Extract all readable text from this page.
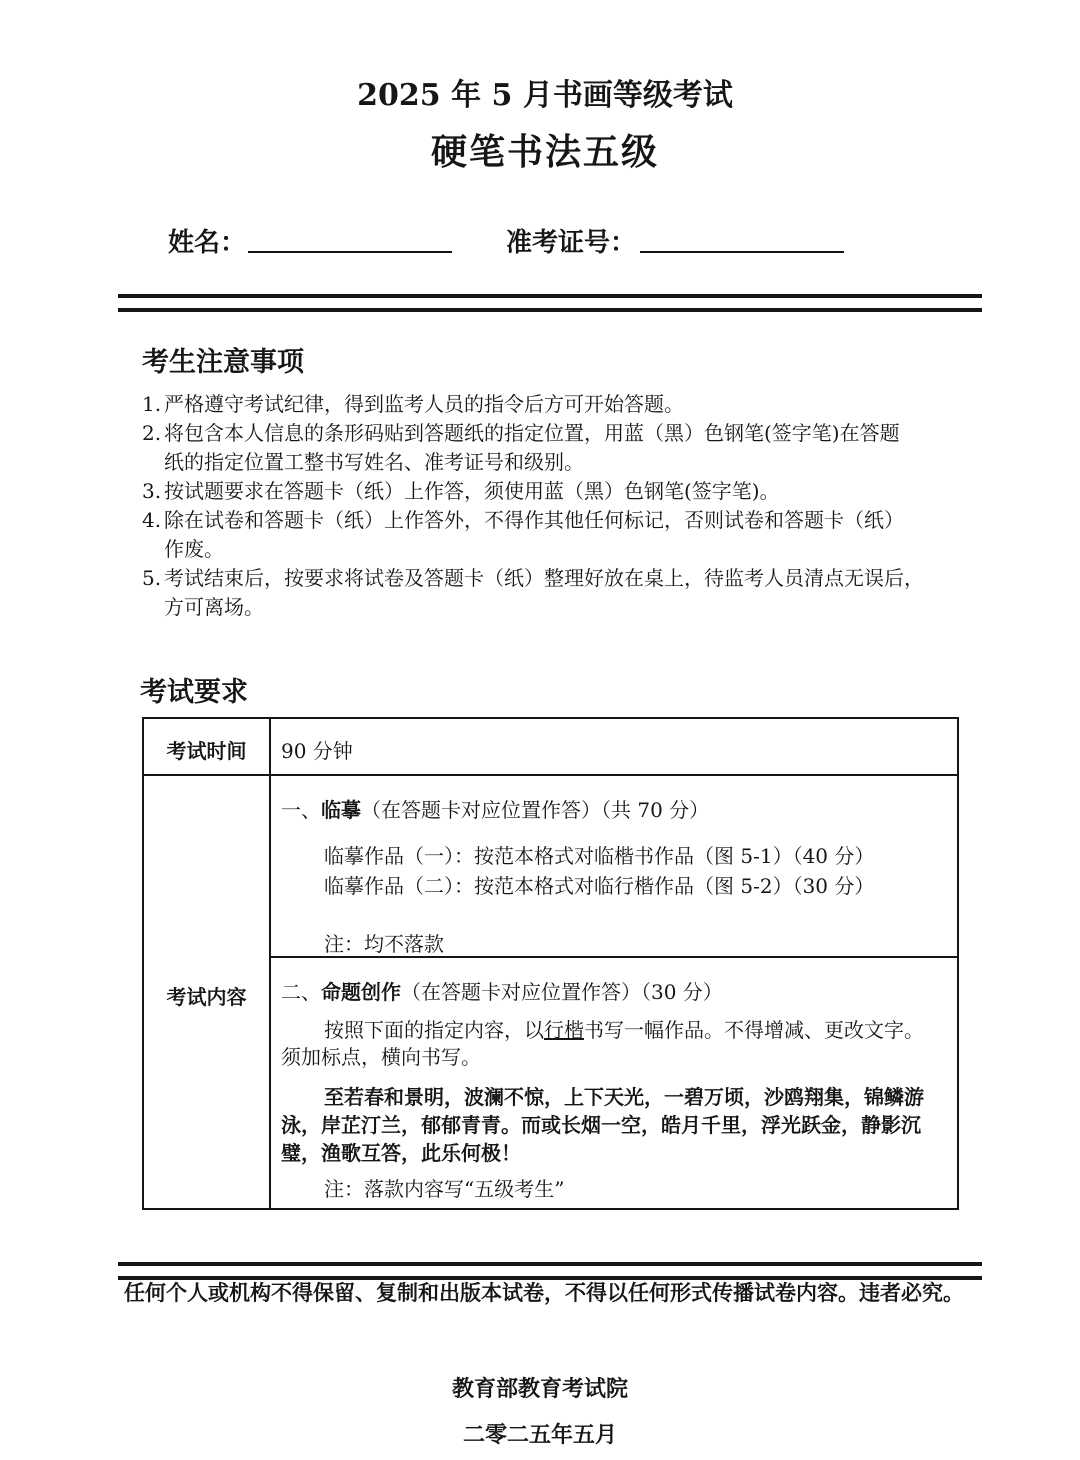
2025 年 5 月书画等级考试
硬笔书法五级
姓名：	准考证号：
考生注意事项
1. 严格遵守考试纪律，得到监考人员的指令后方可开始答题。
2. 将包含本人信息的条形码贴到答题纸的指定位置，用蓝（黑）色钢笔(签字笔)在答题
纸的指定位置工整书写姓名、准考证号和级别。
3. 按试题要求在答题卡（纸）上作答，须使用蓝（黑）色钢笔(签字笔)。
4. 除在试卷和答题卡（纸）上作答外，不得作其他任何标记，否则试卷和答题卡（纸）
作废。
5. 考试结束后，按要求将试卷及答题卡（纸）整理好放在桌上，待监考人员清点无误后，
方可离场。
考试要求
考试时间	90 分钟
考试内容
一、临摹（在答题卡对应位置作答）（共 70 分）
临摹作品（一）：按范本格式对临楷书作品（图 5-1）（40 分）
临摹作品（二）：按范本格式对临行楷作品（图 5-2）（30 分）
注：均不落款
二、命题创作（在答题卡对应位置作答）（30 分）
按照下面的指定内容，以行楷书写一幅作品。不得增减、更改文字。
须加标点，横向书写。
至若春和景明，波澜不惊，上下天光，一碧万顷，沙鸥翔集，锦鳞游
泳，岸芷汀兰，郁郁青青。而或长烟一空，皓月千里，浮光跃金，静影沉
璧，渔歌互答，此乐何极！
注：落款内容写“五级考生”
任何个人或机构不得保留、复制和出版本试卷，不得以任何形式传播试卷内容。违者必究。
教育部教育考试院
二零二五年五月
